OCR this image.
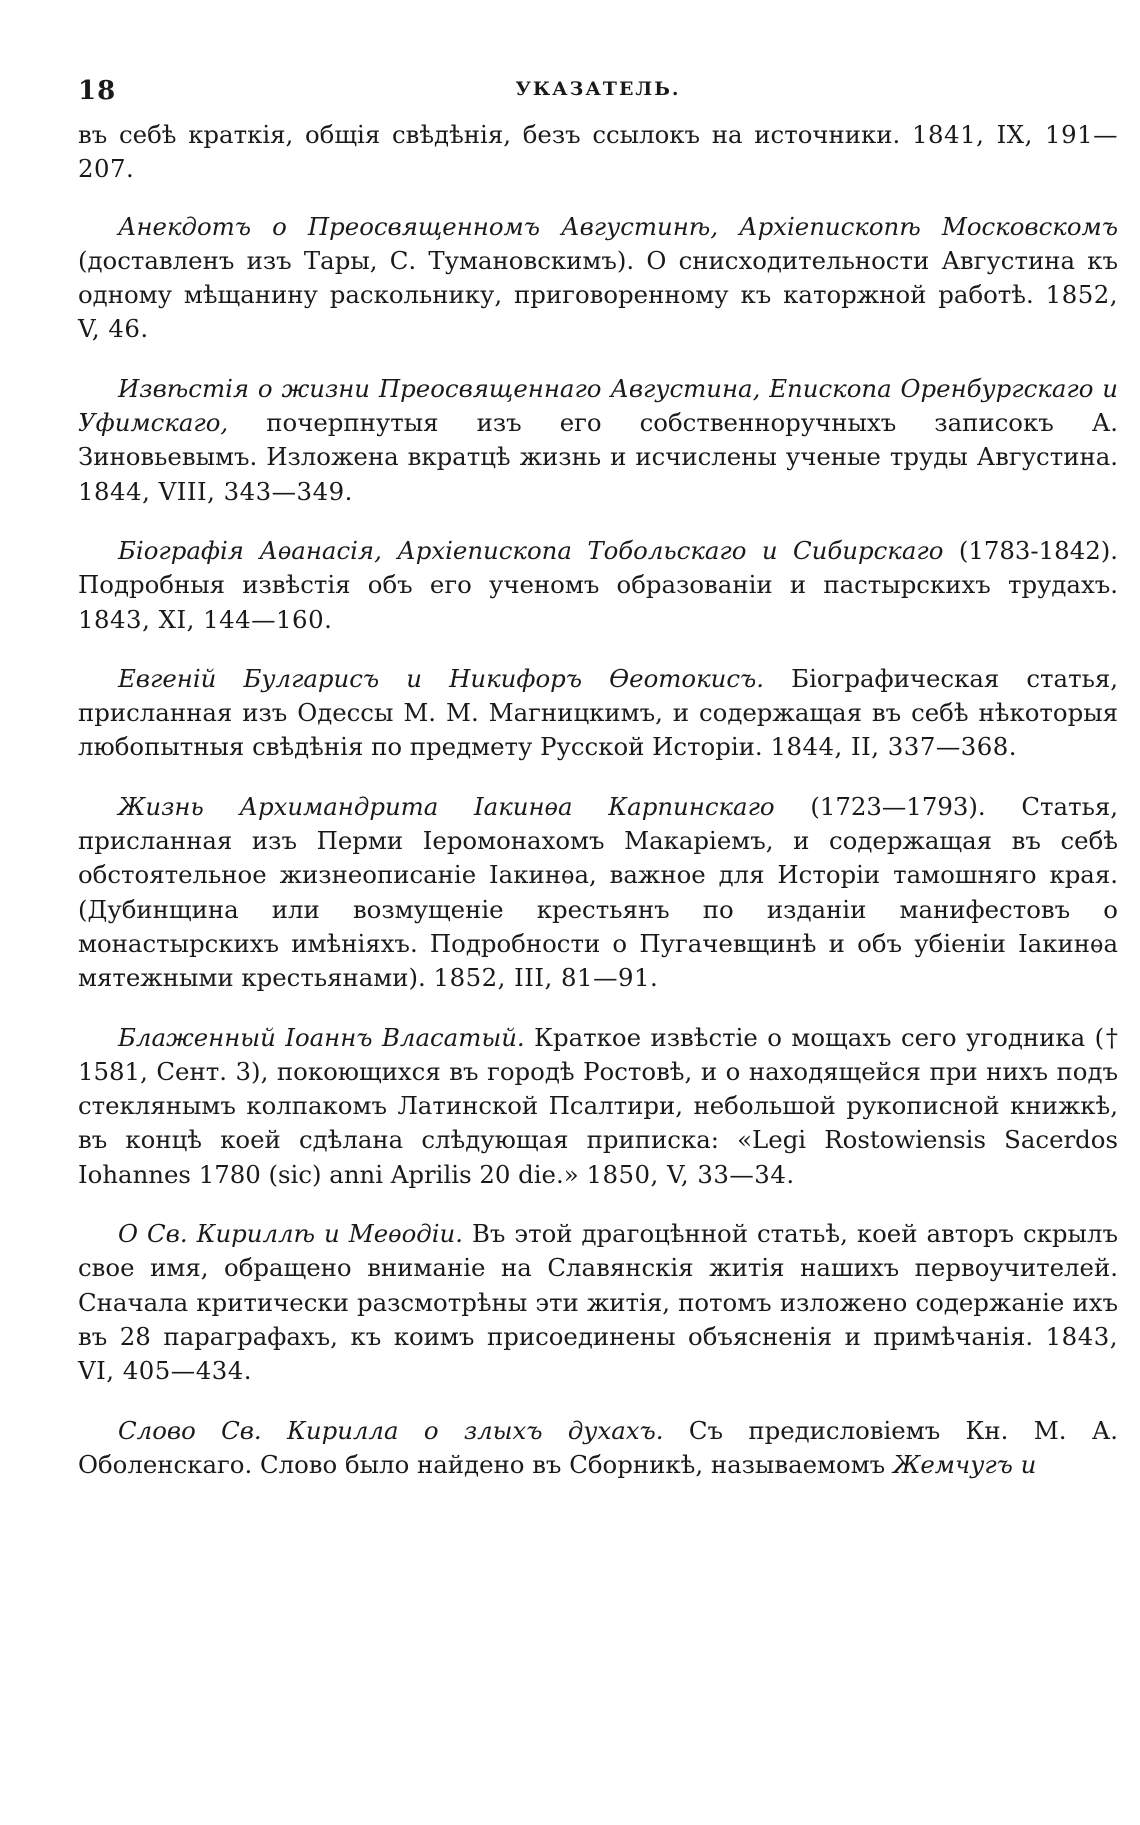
18	УКАЗАТЕЛЬ.

въ себѣ краткія, общія свѣдѣнія, безъ ссылокъ на источники. 1841, IX, 191—207.

Анекдотъ о Преосвященномъ Августинѣ, Архіепископѣ Московскомъ (доставленъ изъ Тары, С. Тумановскимъ). О снисходительности Августина къ одному мѣщанину раскольнику, приговоренному къ каторжной работѣ. 1852, V, 46.

Извѣстія о жизни Преосвященнаго Августина, Епископа Оренбургскаго и Уфимскаго, почерпнутыя изъ его собственноручныхъ записокъ А. Зиновьевымъ. Изложена вкратцѣ жизнь и исчислены ученые труды Августина. 1844, VIII, 343—349.

Біографія Аѳанасія, Архіепископа Тобольскаго и Сибирскаго (1783-1842). Подробныя извѣстія объ его ученомъ образованіи и пастырскихъ трудахъ. 1843, XI, 144—160.

Евгеній Булгарисъ и Никифоръ Ѳеотокисъ. Біографическая статья, присланная изъ Одессы М. М. Магницкимъ, и содержащая въ себѣ нѣкоторыя любопытныя свѣдѣнія по предмету Русской Исторіи. 1844, II, 337—368.

Жизнь Архимандрита Іакинѳа Карпинскаго (1723—1793). Статья, присланная изъ Перми Іеромонахомъ Макаріемъ, и содержащая въ себѣ обстоятельное жизнеописаніе Іакинѳа, важное для Исторіи тамошняго края. (Дубинщина или возмущеніе крестьянъ по изданіи манифестовъ о монастырскихъ имѣніяхъ. Подробности о Пугачевщинѣ и объ убіеніи Іакинѳа мятежными крестьянами). 1852, III, 81—91.

Блаженный Іоаннъ Власатый. Краткое извѣстіе о мощахъ сего угодника († 1581, Сент. 3), покоющихся въ городѣ Ростовѣ, и о находящейся при нихъ подъ стеклянымъ колпакомъ Латинской Псалтири, небольшой рукописной книжкѣ, въ концѣ коей сдѣлана слѣдующая приписка: «Legi Rostowiensis Sacerdos Iohannes 1780 (sic) anni Aprilis 20 die.» 1850, V, 33—34.

О Св. Кириллѣ и Меѳодіи. Въ этой драгоцѣнной статьѣ, коей авторъ скрылъ свое имя, обращено вниманіе на Славянскія житія нашихъ первоучителей. Сначала критически разсмотрѣны эти житія, потомъ изложено содержаніе ихъ въ 28 параграфахъ, къ коимъ присоединены объясненія и примѣчанія. 1843, VI, 405—434.

Слово Св. Кирилла о злыхъ духахъ. Съ предисловіемъ Кн. М. А. Оболенскаго. Слово было найдено въ Сборникѣ, называемомъ Жемчугъ и
